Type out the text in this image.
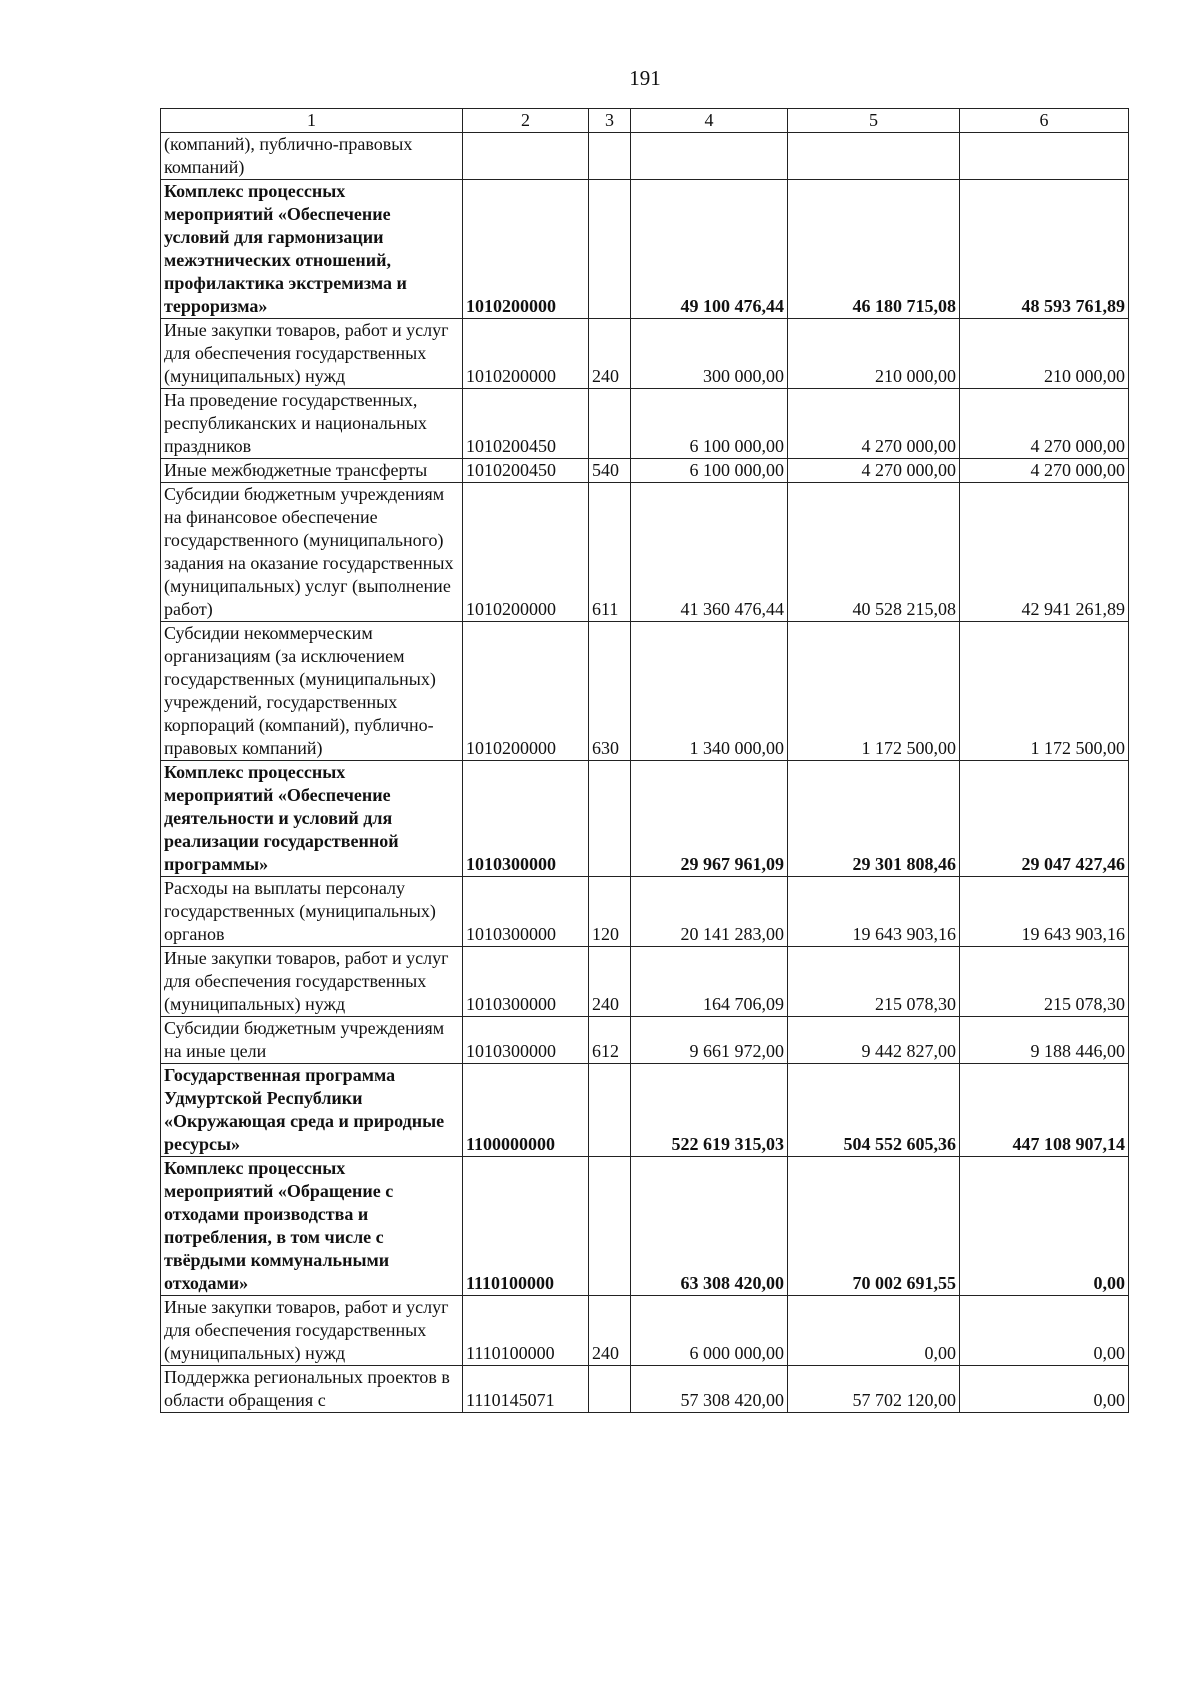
191
1	2	3	4	5	6
(компаний), публично-правовых компаний)					
Комплекс процессных мероприятий «Обеспечение условий для гармонизации межэтнических отношений, профилактика экстремизма и терроризма»	1010200000		49 100 476,44	46 180 715,08	48 593 761,89
Иные закупки товаров, работ и услуг для обеспечения государственных (муниципальных) нужд	1010200000	240	300 000,00	210 000,00	210 000,00
На проведение государственных, республиканских и национальных праздников	1010200450		6 100 000,00	4 270 000,00	4 270 000,00
Иные межбюджетные трансферты	1010200450	540	6 100 000,00	4 270 000,00	4 270 000,00
Субсидии бюджетным учреждениям на финансовое обеспечение государственного (муниципального) задания на оказание государственных (муниципальных) услуг (выполнение работ)	1010200000	611	41 360 476,44	40 528 215,08	42 941 261,89
Субсидии некоммерческим организациям (за исключением государственных (муниципальных) учреждений, государственных корпораций (компаний), публично-правовых компаний)	1010200000	630	1 340 000,00	1 172 500,00	1 172 500,00
Комплекс процессных мероприятий «Обеспечение деятельности и условий для реализации государственной программы»	1010300000		29 967 961,09	29 301 808,46	29 047 427,46
Расходы на выплаты персоналу государственных (муниципальных) органов	1010300000	120	20 141 283,00	19 643 903,16	19 643 903,16
Иные закупки товаров, работ и услуг для обеспечения государственных (муниципальных) нужд	1010300000	240	164 706,09	215 078,30	215 078,30
Субсидии бюджетным учреждениям на иные цели	1010300000	612	9 661 972,00	9 442 827,00	9 188 446,00
Государственная программа Удмуртской Республики «Окружающая среда и природные ресурсы»	1100000000		522 619 315,03	504 552 605,36	447 108 907,14
Комплекс процессных мероприятий «Обращение с отходами производства и потребления, в том числе с твёрдыми коммунальными отходами»	1110100000		63 308 420,00	70 002 691,55	0,00
Иные закупки товаров, работ и услуг для обеспечения государственных (муниципальных) нужд	1110100000	240	6 000 000,00	0,00	0,00
Поддержка региональных проектов в области обращения с	1110145071		57 308 420,00	57 702 120,00	0,00
